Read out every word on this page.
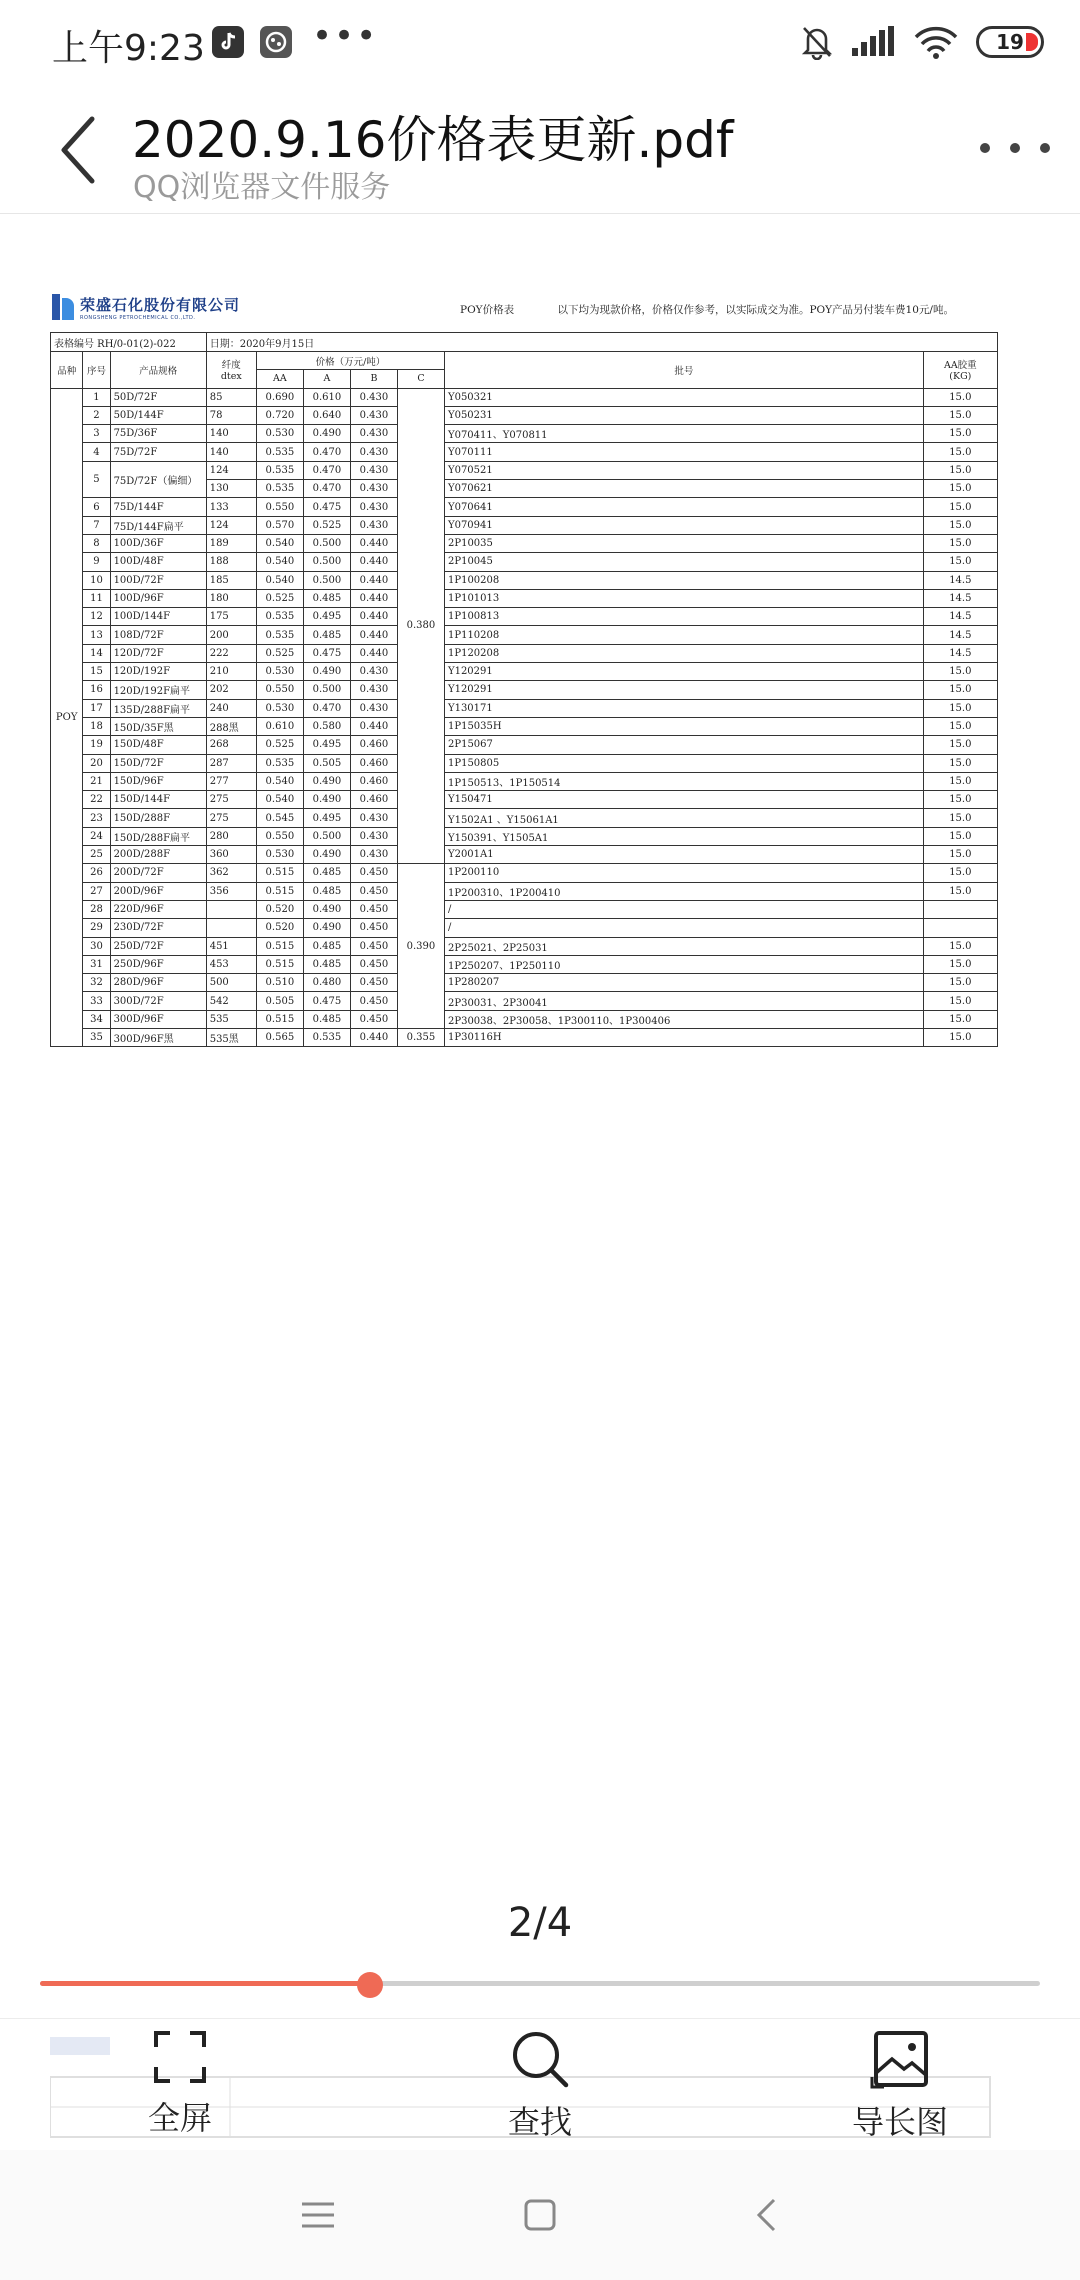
上午9:23	•••	19
2020.9.16价格表更新.pdf
QQ浏览器文件服务
荣盛石化股份有限公司
RONGSHENG PETROCHEMICAL CO.,LTD.
POY价格表	以下均为现款价格，价格仅作参考，以实际成交为准。POY产品另付装车费10元/吨。
表格编号 RH/0-01(2)-022			日期：2020年9月15日						
品种	序号	产品规格	纤度
dtex	价格（万元/吨）				批号	AA胶重
(KG)
				AA	A	B	C		
POY	1	50D/72F	85	0.690	0.610	0.430	0.380	Y050321	15.0
	2	50D/144F	78	0.720	0.640	0.430		Y050231	15.0
	3	75D/36F	140	0.530	0.490	0.430		Y070411、Y070811	15.0
	4	75D/72F	140	0.535	0.470	0.430		Y070111	15.0
	5	75D/72F（偏细）	124	0.535	0.470	0.430		Y070521	15.0
			130	0.535	0.470	0.430		Y070621	15.0
	6	75D/144F	133	0.550	0.475	0.430		Y070641	15.0
	7	75D/144F扁平	124	0.570	0.525	0.430		Y070941	15.0
	8	100D/36F	189	0.540	0.500	0.440		2P10035	15.0
	9	100D/48F	188	0.540	0.500	0.440		2P10045	15.0
	10	100D/72F	185	0.540	0.500	0.440		1P100208	14.5
	11	100D/96F	180	0.525	0.485	0.440		1P101013	14.5
	12	100D/144F	175	0.535	0.495	0.440		1P100813	14.5
	13	108D/72F	200	0.535	0.485	0.440		1P110208	14.5
	14	120D/72F	222	0.525	0.475	0.440		1P120208	14.5
	15	120D/192F	210	0.530	0.490	0.430		Y120291	15.0
	16	120D/192F扁平	202	0.550	0.500	0.430		Y120291	15.0
	17	135D/288F扁平	240	0.530	0.470	0.430		Y130171	15.0
	18	150D/35F黑	288黑	0.610	0.580	0.440		1P15035H	15.0
	19	150D/48F	268	0.525	0.495	0.460		2P15067	15.0
	20	150D/72F	287	0.535	0.505	0.460		1P150805	15.0
	21	150D/96F	277	0.540	0.490	0.460		1P150513、1P150514	15.0
	22	150D/144F	275	0.540	0.490	0.460		Y150471	15.0
	23	150D/288F	275	0.545	0.495	0.430		Y1502A1 、Y15061A1	15.0
	24	150D/288F扁平	280	0.550	0.500	0.430		Y150391、Y1505A1	15.0
	25	200D/288F	360	0.530	0.490	0.430		Y2001A1	15.0
	26	200D/72F	362	0.515	0.485	0.450	0.390	1P200110	15.0
	27	200D/96F	356	0.515	0.485	0.450		1P200310、1P200410	15.0
	28	220D/96F		0.520	0.490	0.450		/	
	29	230D/72F		0.520	0.490	0.450		/	
	30	250D/72F	451	0.515	0.485	0.450		2P25021、2P25031	15.0
	31	250D/96F	453	0.515	0.485	0.450		1P250207、1P250110	15.0
	32	280D/96F	500	0.510	0.480	0.450		1P280207	15.0
	33	300D/72F	542	0.505	0.475	0.450		2P30031、2P30041	15.0
	34	300D/96F	535	0.515	0.485	0.450		2P30038、2P30058、1P300110、1P300406	15.0
	35	300D/96F黑	535黑	0.565	0.535	0.440	0.355	1P30116H	15.0
2/4
全屏	查找	导长图
